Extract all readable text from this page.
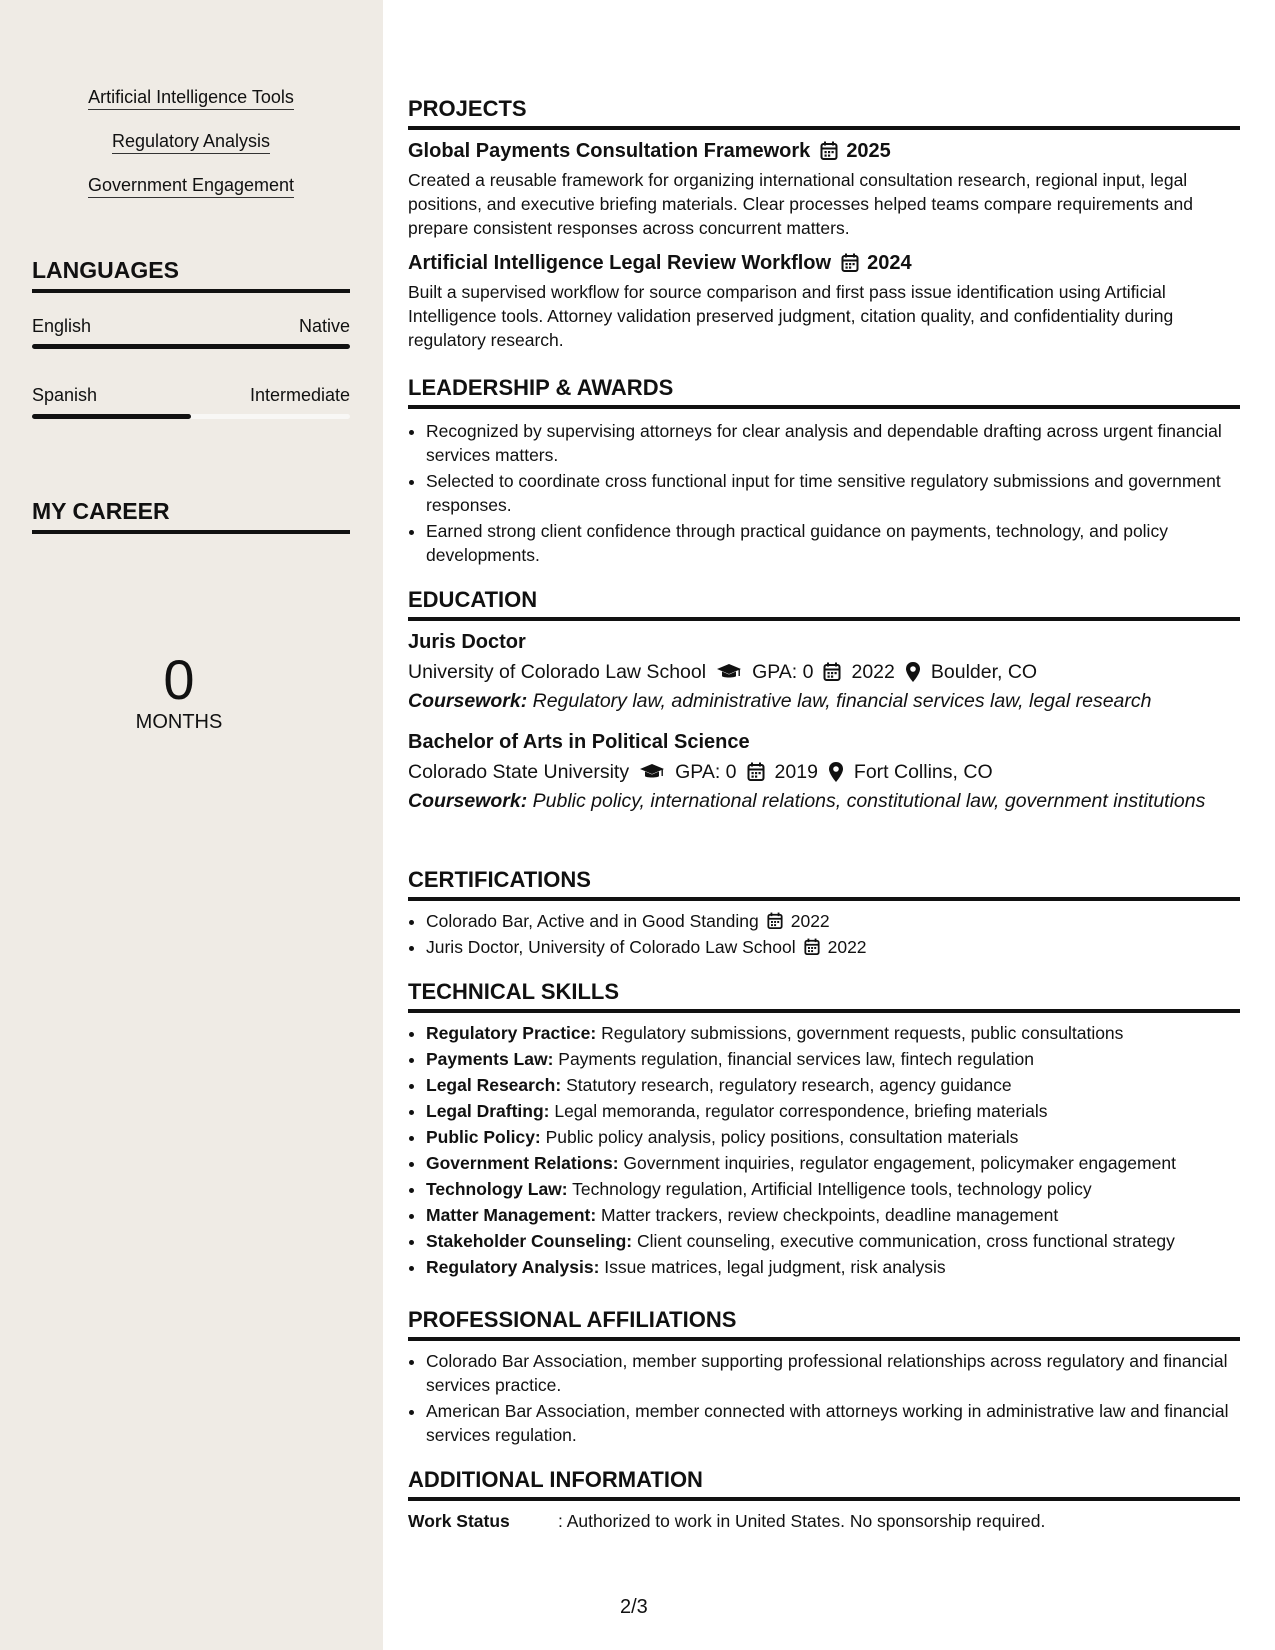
Artificial Intelligence Tools
Regulatory Analysis
Government Engagement
LANGUAGES
English	Native
Spanish	Intermediate
MY CAREER
0
MONTHS
PROJECTS
Global Payments Consultation Framework 2025
Created a reusable framework for organizing international consultation research, regional input, legal positions, and executive briefing materials. Clear processes helped teams compare requirements and prepare consistent responses across concurrent matters.
Artificial Intelligence Legal Review Workflow 2024
Built a supervised workflow for source comparison and first pass issue identification using Artificial Intelligence tools. Attorney validation preserved judgment, citation quality, and confidentiality during regulatory research.
LEADERSHIP & AWARDS
• Recognized by supervising attorneys for clear analysis and dependable drafting across urgent financial services matters.
• Selected to coordinate cross functional input for time sensitive regulatory submissions and government responses.
• Earned strong client confidence through practical guidance on payments, technology, and policy developments.
EDUCATION
Juris Doctor
University of Colorado Law School GPA: 0 2022 Boulder, CO
Coursework: Regulatory law, administrative law, financial services law, legal research
Bachelor of Arts in Political Science
Colorado State University GPA: 0 2019 Fort Collins, CO
Coursework: Public policy, international relations, constitutional law, government institutions
CERTIFICATIONS
• Colorado Bar, Active and in Good Standing 2022
• Juris Doctor, University of Colorado Law School 2022
TECHNICAL SKILLS
• Regulatory Practice: Regulatory submissions, government requests, public consultations
• Payments Law: Payments regulation, financial services law, fintech regulation
• Legal Research: Statutory research, regulatory research, agency guidance
• Legal Drafting: Legal memoranda, regulator correspondence, briefing materials
• Public Policy: Public policy analysis, policy positions, consultation materials
• Government Relations: Government inquiries, regulator engagement, policymaker engagement
• Technology Law: Technology regulation, Artificial Intelligence tools, technology policy
• Matter Management: Matter trackers, review checkpoints, deadline management
• Stakeholder Counseling: Client counseling, executive communication, cross functional strategy
• Regulatory Analysis: Issue matrices, legal judgment, risk analysis
PROFESSIONAL AFFILIATIONS
• Colorado Bar Association, member supporting professional relationships across regulatory and financial services practice.
• American Bar Association, member connected with attorneys working in administrative law and financial services regulation.
ADDITIONAL INFORMATION
Work Status	: Authorized to work in United States. No sponsorship required.
2/3
